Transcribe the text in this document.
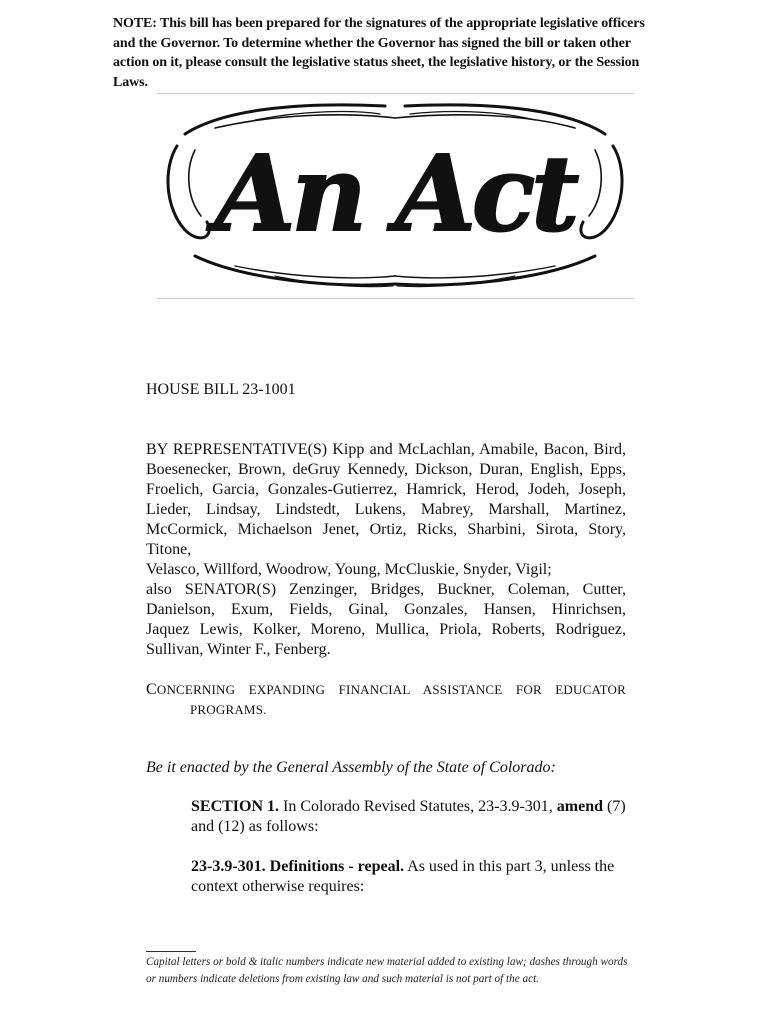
NOTE: This bill has been prepared for the signatures of the appropriate legislative officers and the Governor. To determine whether the Governor has signed the bill or taken other action on it, please consult the legislative status sheet, the legislative history, or the Session Laws.
An Act
HOUSE BILL 23-1001
BY REPRESENTATIVE(S) Kipp and McLachlan, Amabile, Bacon, Bird,
Boesenecker, Brown, deGruy Kennedy, Dickson, Duran, English, Epps,
Froelich, Garcia, Gonzales-Gutierrez, Hamrick, Herod, Jodeh, Joseph,
Lieder, Lindsay, Lindstedt, Lukens, Mabrey, Marshall, Martinez,
McCormick, Michaelson Jenet, Ortiz, Ricks, Sharbini, Sirota, Story, Titone,
Velasco, Willford, Woodrow, Young, McCluskie, Snyder, Vigil;
also SENATOR(S) Zenzinger, Bridges, Buckner, Coleman, Cutter,
Danielson, Exum, Fields, Ginal, Gonzales, Hansen, Hinrichsen,
Jaquez Lewis, Kolker, Moreno, Mullica, Priola, Roberts, Rodriguez,
Sullivan, Winter F., Fenberg.
CONCERNING EXPANDING FINANCIAL ASSISTANCE FOR EDUCATOR
PROGRAMS.
Be it enacted by the General Assembly of the State of Colorado:
SECTION 1. In Colorado Revised Statutes, 23-3.9-301, amend (7) and (12) as follows:
23-3.9-301. Definitions - repeal. As used in this part 3, unless the context otherwise requires:
Capital letters or bold & italic numbers indicate new material added to existing law; dashes through words or numbers indicate deletions from existing law and such material is not part of the act.
